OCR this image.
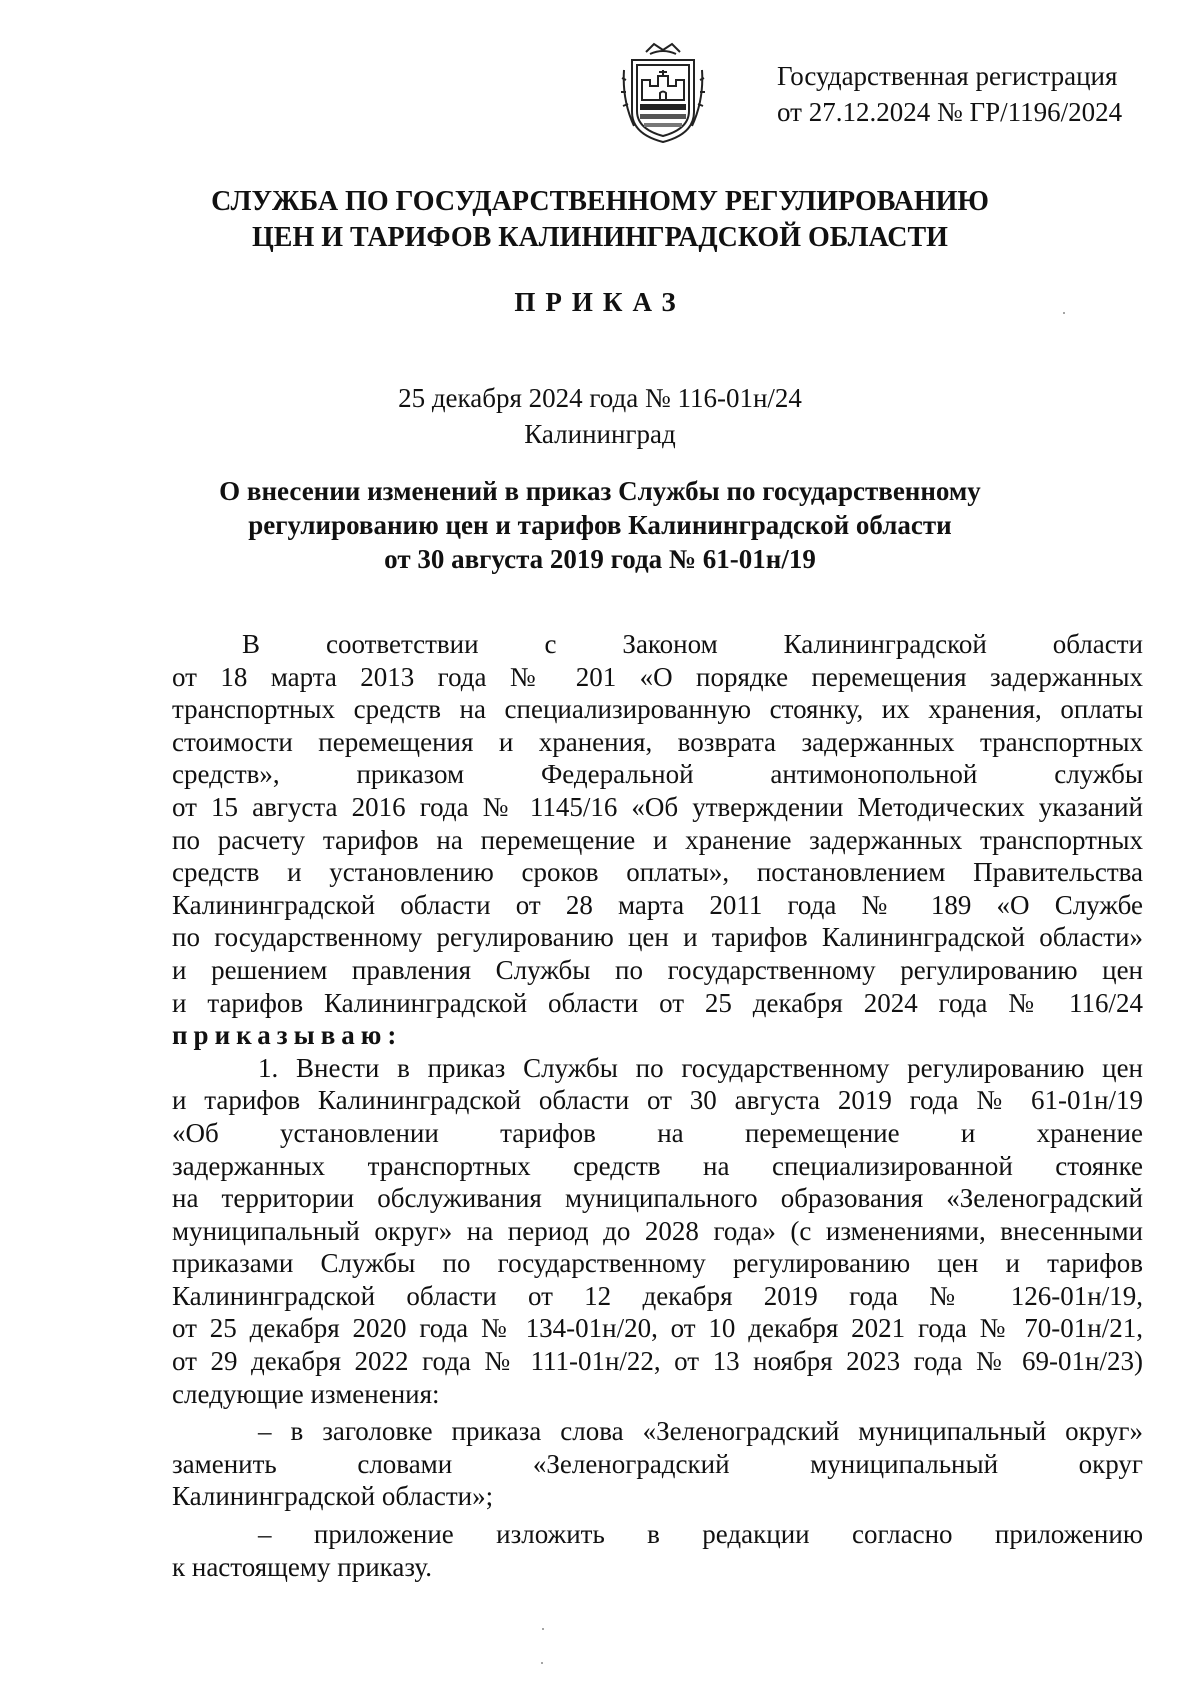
Государственная регистрация
от 27.12.2024 № ГР/1196/2024
СЛУЖБА ПО ГОСУДАРСТВЕННОМУ РЕГУЛИРОВАНИЮ
ЦЕН И ТАРИФОВ КАЛИНИНГРАДСКОЙ ОБЛАСТИ
ПРИКАЗ
25 декабря 2024 года № 116-01н/24
Калининград
О внесении изменений в приказ Службы по государственному
регулированию цен и тарифов Калининградской области
от 30 августа 2019 года № 61-01н/19

В соответствии с Законом Калининградской области

от 18 марта 2013 года № 201 «О порядке перемещения задержанных

транспортных средств на специализированную стоянку, их хранения, оплаты

стоимости перемещения и хранения, возврата задержанных транспортных

средств», приказом Федеральной антимонопольной службы

от 15 августа 2016 года № 1145/16 «Об утверждении Методических указаний

по расчету тарифов на перемещение и хранение задержанных транспортных

средств и установлению сроков оплаты», постановлением Правительства

Калининградской области от 28 марта 2011 года № 189 «О Службе

по государственному регулированию цен и тарифов Калининградской области»

и решением правления Службы по государственному регулированию цен

и тарифов Калининградской области от 25 декабря 2024 года № 116/24

приказываю:

1. Внести в приказ Службы по государственному регулированию цен

и тарифов Калининградской области от 30 августа 2019 года № 61-01н/19

«Об установлении тарифов на перемещение и хранение

задержанных транспортных средств на специализированной стоянке

на территории обслуживания муниципального образования «Зеленоградский

муниципальный округ» на период до 2028 года» (с изменениями, внесенными

приказами Службы по государственному регулированию цен и тарифов

Калининградской области от 12 декабря 2019 года № 126-01н/19,

от 25 декабря 2020 года № 134-01н/20, от 10 декабря 2021 года № 70-01н/21,

от 29 декабря 2022 года № 111-01н/22, от 13 ноября 2023 года № 69-01н/23)

следующие изменения:

– в заголовке приказа слова «Зеленоградский муниципальный округ»

заменить словами «Зеленоградский муниципальный округ

Калининградской области»;

– приложение изложить в редакции согласно приложению

к настоящему приказу.
